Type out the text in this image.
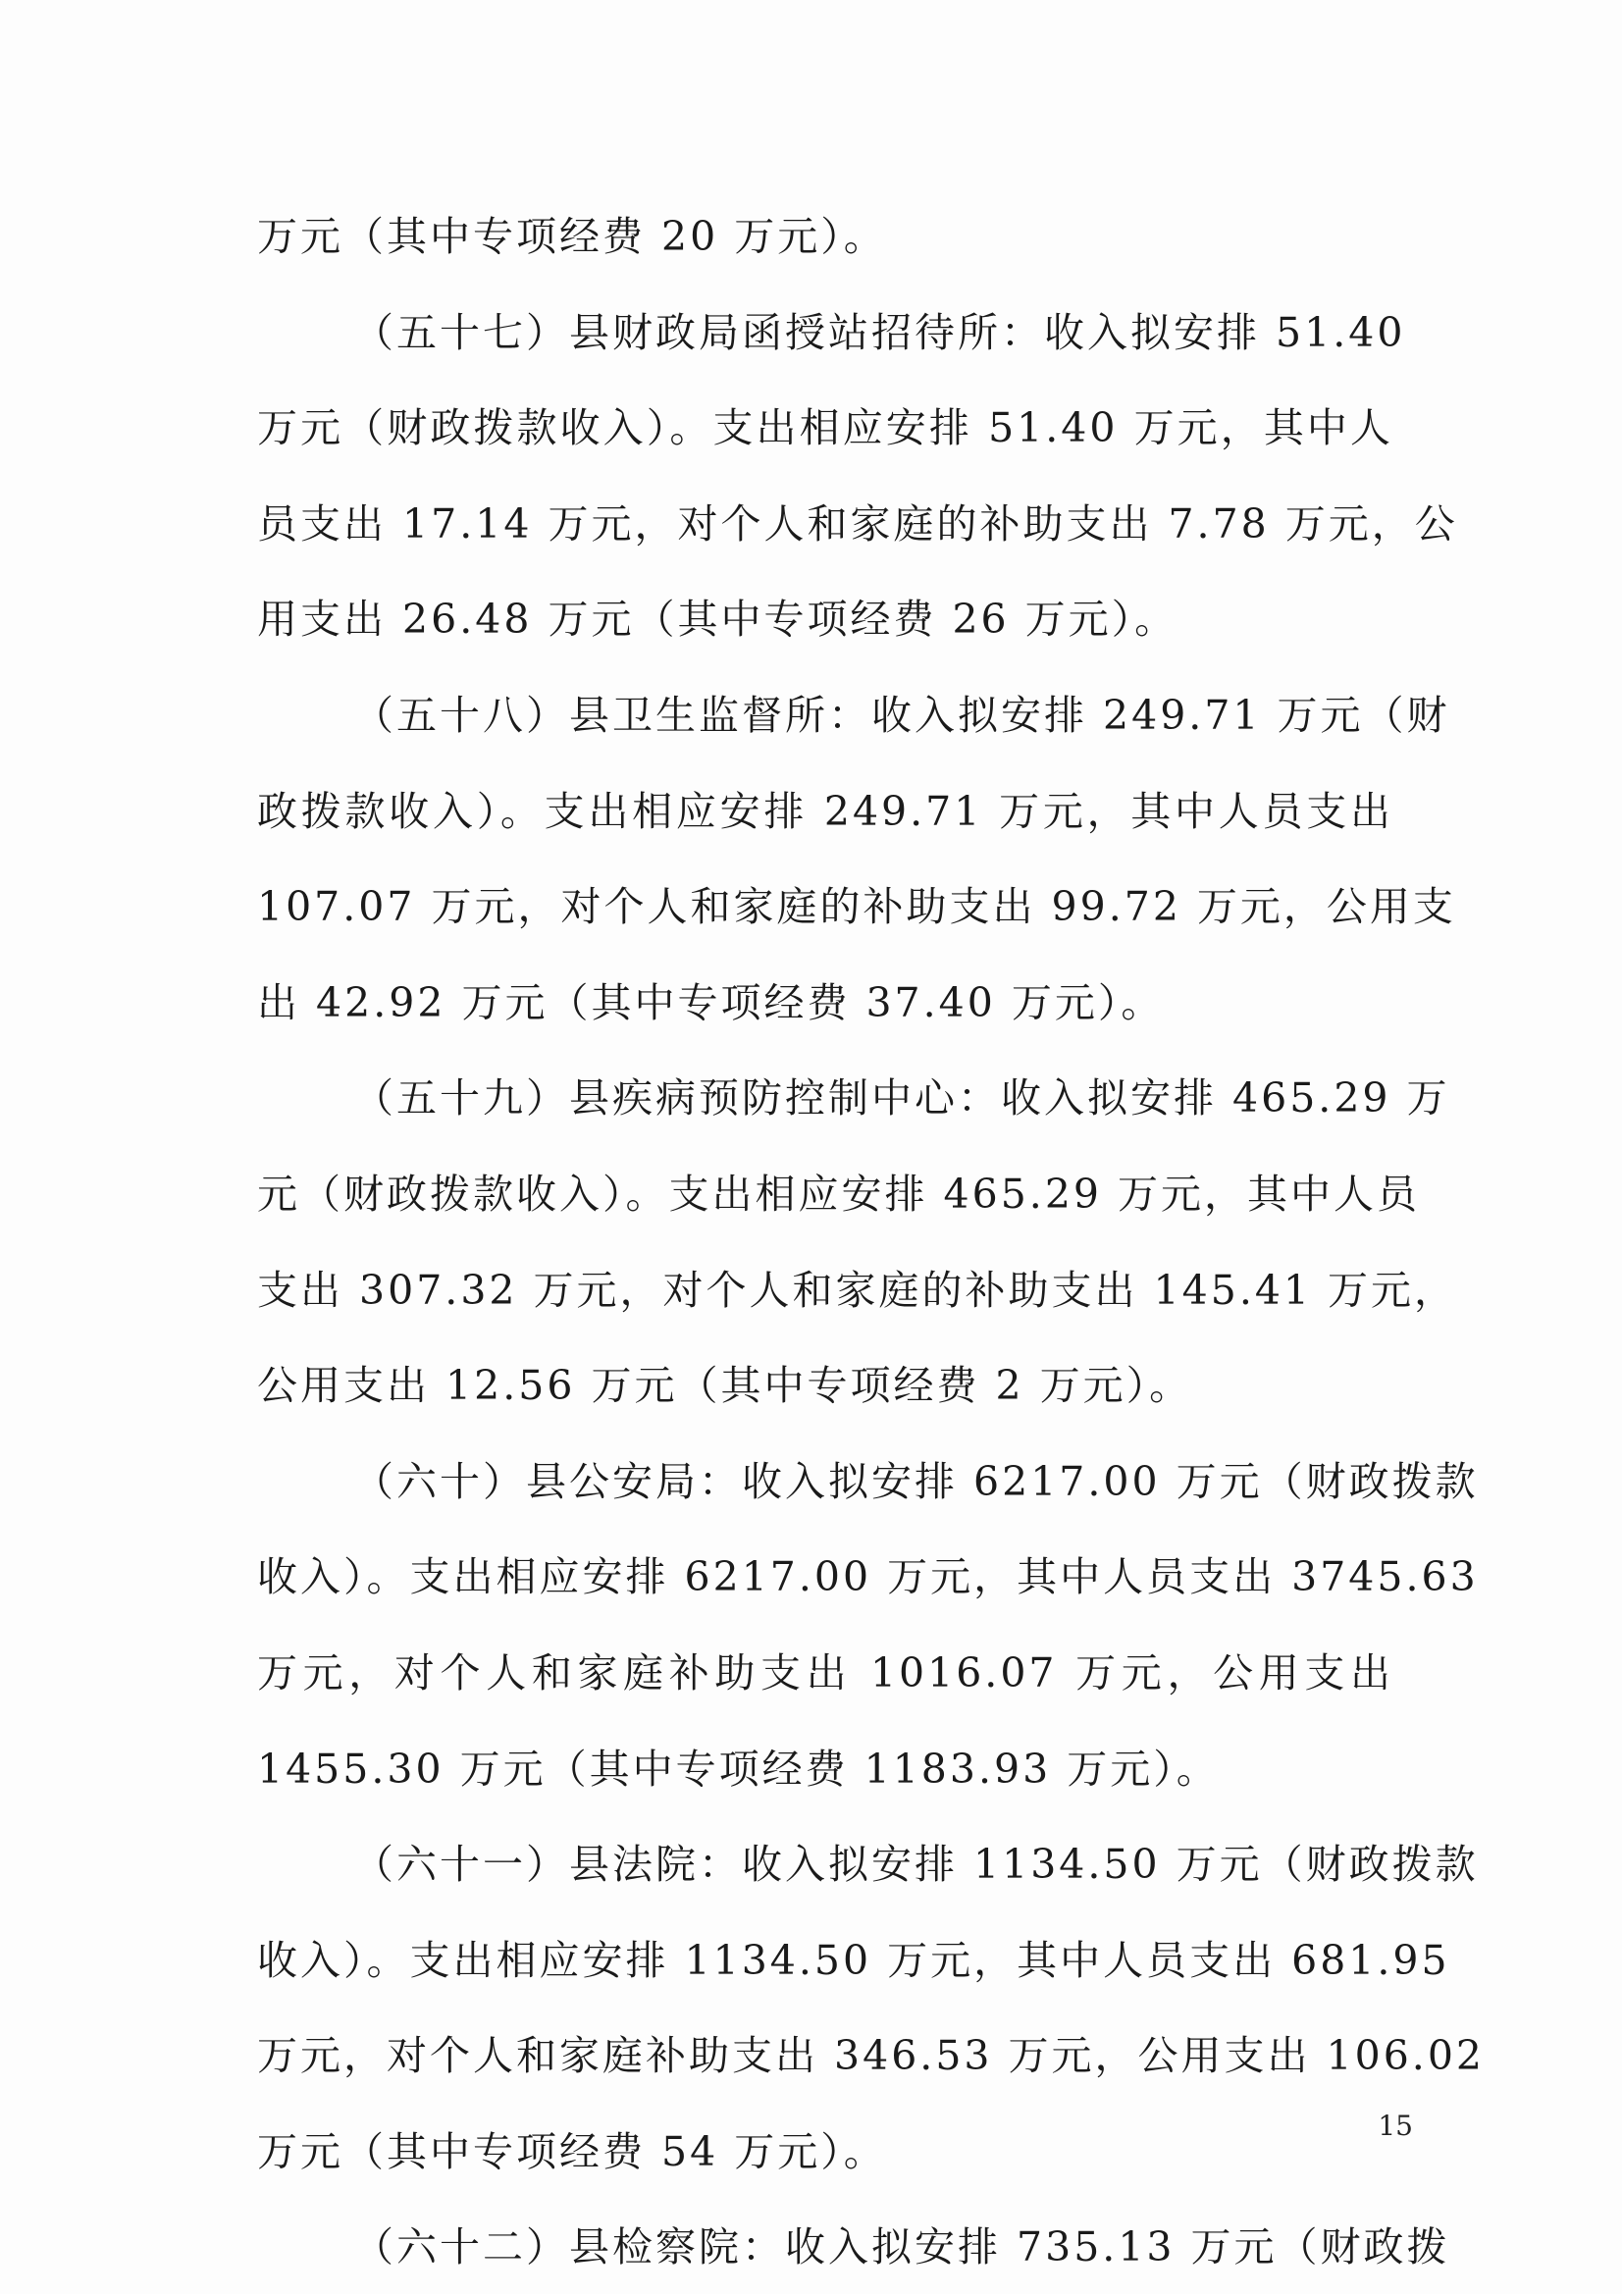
万元（其中专项经费 20 万元）。

（五十七）县财政局函授站招待所：收入拟安排 51.40
万元（财政拨款收入）。支出相应安排 51.40 万元，其中人
员支出 17.14 万元，对个人和家庭的补助支出 7.78 万元，公
用支出 26.48 万元（其中专项经费 26 万元）。

（五十八）县卫生监督所：收入拟安排 249.71 万元（财
政拨款收入）。支出相应安排 249.71 万元，其中人员支出
107.07 万元，对个人和家庭的补助支出 99.72 万元，公用支
出 42.92 万元（其中专项经费 37.40 万元）。

（五十九）县疾病预防控制中心：收入拟安排 465.29 万
元（财政拨款收入）。支出相应安排 465.29 万元，其中人员
支出 307.32 万元，对个人和家庭的补助支出 145.41 万元，
公用支出 12.56 万元（其中专项经费 2 万元）。

（六十）县公安局：收入拟安排 6217.00 万元（财政拨款
收入）。支出相应安排 6217.00 万元，其中人员支出 3745.63
万元，对个人和家庭补助支出 1016.07 万元，公用支出
1455.30 万元（其中专项经费 1183.93 万元）。

（六十一）县法院：收入拟安排 1134.50 万元（财政拨款
收入）。支出相应安排 1134.50 万元，其中人员支出 681.95
万元，对个人和家庭补助支出 346.53 万元，公用支出 106.02
万元（其中专项经费 54 万元）。

（六十二）县检察院：收入拟安排 735.13 万元（财政拨

15
